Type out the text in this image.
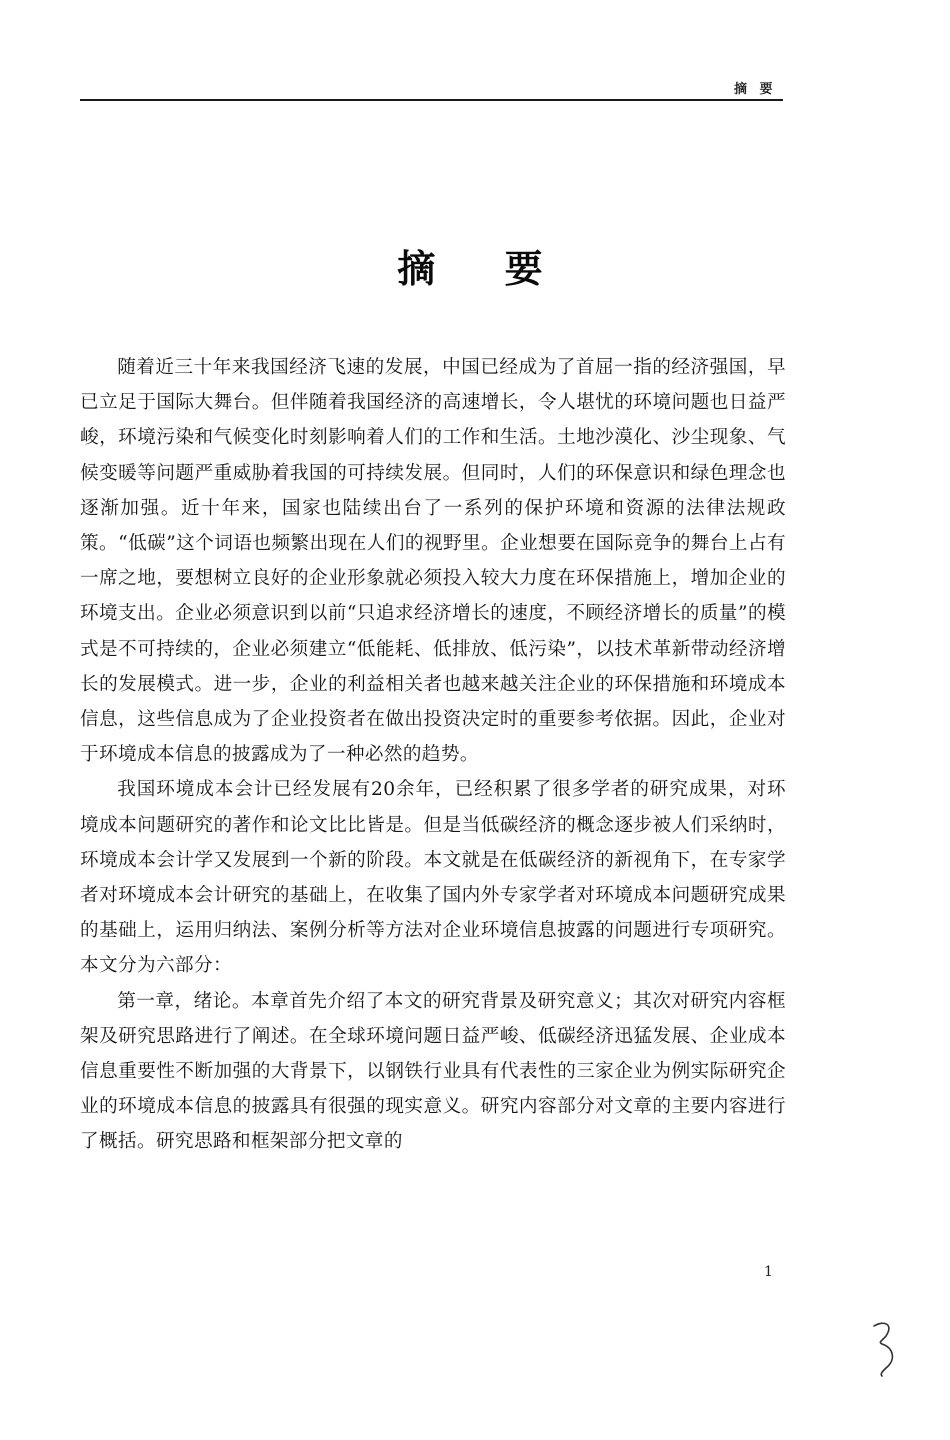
摘 要
摘 要

随着近三十年来我国经济飞速的发展，中国已经成为了首屈一指的经济强国，早已立足于国际大舞台。但伴随着我国经济的高速增长，令人堪忧的环境问题也日益严峻，环境污染和气候变化时刻影响着人们的工作和生活。土地沙漠化、沙尘现象、气候变暖等问题严重威胁着我国的可持续发展。但同时，人们的环保意识和绿色理念也逐渐加强。近十年来，国家也陆续出台了一系列的保护环境和资源的法律法规政策。“低碳”这个词语也频繁出现在人们的视野里。企业想要在国际竞争的舞台上占有一席之地，要想树立良好的企业形象就必须投入较大力度在环保措施上，增加企业的环境支出。企业必须意识到以前“只追求经济增长的速度，不顾经济增长的质量”的模式是不可持续的，企业必须建立“低能耗、低排放、低污染”，以技术革新带动经济增长的发展模式。进一步，企业的利益相关者也越来越关注企业的环保措施和环境成本信息，这些信息成为了企业投资者在做出投资决定时的重要参考依据。因此，企业对于环境成本信息的披露成为了一种必然的趋势。

我国环境成本会计已经发展有20余年，已经积累了很多学者的研究成果，对环境成本问题研究的著作和论文比比皆是。但是当低碳经济的概念逐步被人们采纳时，环境成本会计学又发展到一个新的阶段。本文就是在低碳经济的新视角下，在专家学者对环境成本会计研究的基础上，在收集了国内外专家学者对环境成本问题研究成果的基础上，运用归纳法、案例分析等方法对企业环境信息披露的问题进行专项研究。本文分为六部分：

第一章，绪论。本章首先介绍了本文的研究背景及研究意义；其次对研究内容框架及研究思路进行了阐述。在全球环境问题日益严峻、低碳经济迅猛发展、企业成本信息重要性不断加强的大背景下，以钢铁行业具有代表性的三家企业为例实际研究企业的环境成本信息的披露具有很强的现实意义。研究内容部分对文章的主要内容进行了概括。研究思路和框架部分把文章的

1
